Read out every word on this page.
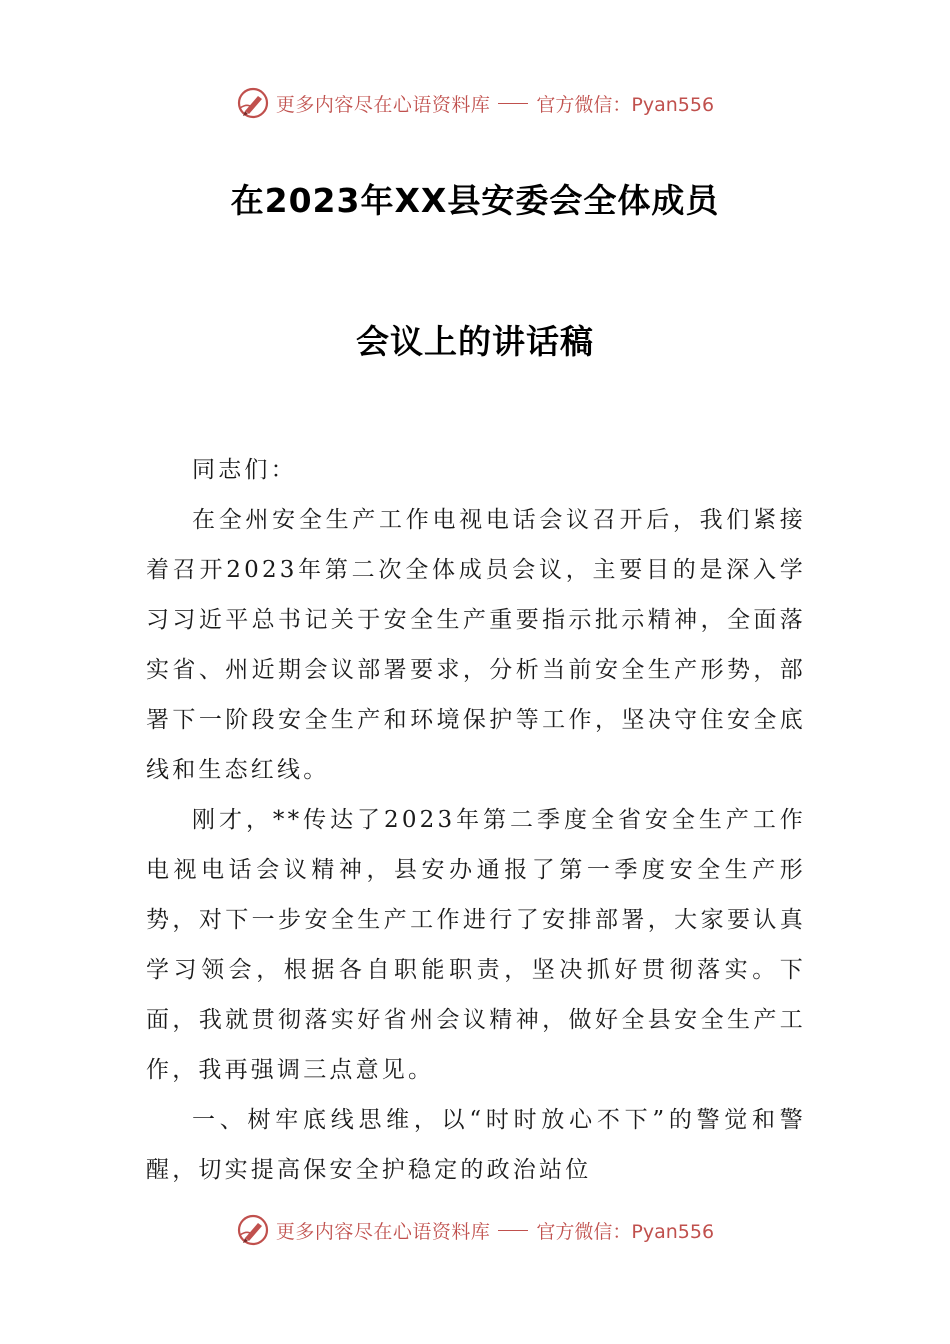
更多内容尽在心语资料库 官方微信：Pyan556
在2023年XX县安委会全体成员
会议上的讲话稿

同志们：

在全州安全生产工作电视电话会议召开后，我们紧接着召开2023年第二次全体成员会议，主要目的是深入学习习近平总书记关于安全生产重要指示批示精神，全面落实省、州近期会议部署要求，分析当前安全生产形势，部署下一阶段安全生产和环境保护等工作，坚决守住安全底线和生态红线。

刚才，**传达了2023年第二季度全省安全生产工作电视电话会议精神，县安办通报了第一季度安全生产形势，对下一步安全生产工作进行了安排部署，大家要认真学习领会，根据各自职能职责，坚决抓好贯彻落实。下面，我就贯彻落实好省州会议精神，做好全县安全生产工作，我再强调三点意见。

一、树牢底线思维，以“时时放心不下”的警觉和警醒，切实提高保安全护稳定的政治站位

更多内容尽在心语资料库 官方微信：Pyan556
